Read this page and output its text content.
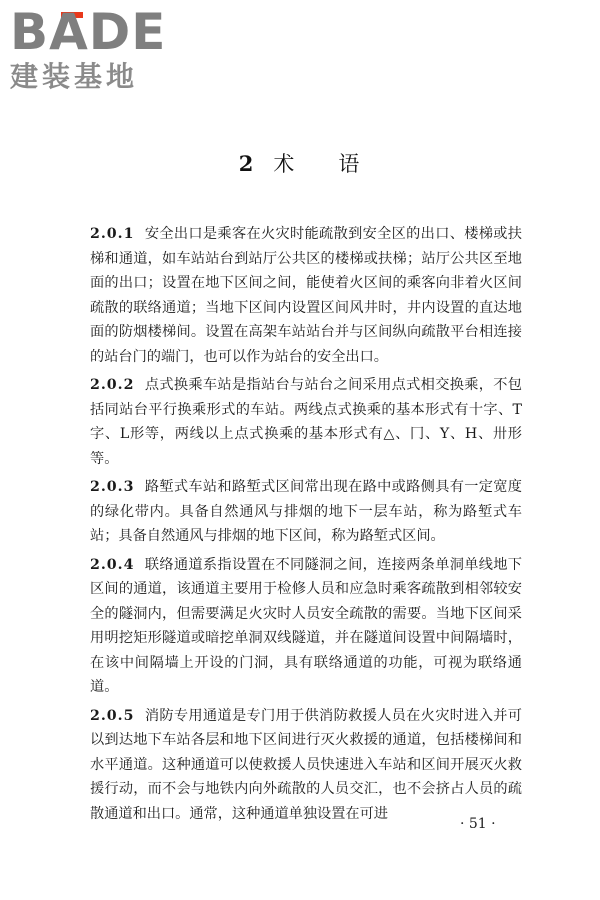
BADE
建装基地
2 术 语

2.0.1 安全出口是乘客在火灾时能疏散到安全区的出口、楼梯或扶梯和通道，如车站站台到站厅公共区的楼梯或扶梯；站厅公共区至地面的出口；设置在地下区间之间，能使着火区间的乘客向非着火区间疏散的联络通道；当地下区间内设置区间风井时，井内设置的直达地面的防烟楼梯间。设置在高架车站站台并与区间纵向疏散平台相连接的站台门的端门，也可以作为站台的安全出口。

2.0.2 点式换乘车站是指站台与站台之间采用点式相交换乘，不包括同站台平行换乘形式的车站。两线点式换乘的基本形式有十字、T字、L形等，两线以上点式换乘的基本形式有△、冂、Y、H、卅形等。

2.0.3 路堑式车站和路堑式区间常出现在路中或路侧具有一定宽度的绿化带内。具备自然通风与排烟的地下一层车站，称为路堑式车站；具备自然通风与排烟的地下区间，称为路堑式区间。

2.0.4 联络通道系指设置在不同隧洞之间，连接两条单洞单线地下区间的通道，该通道主要用于检修人员和应急时乘客疏散到相邻较安全的隧洞内，但需要满足火灾时人员安全疏散的需要。当地下区间采用明挖矩形隧道或暗挖单洞双线隧道，并在隧道间设置中间隔墙时，在该中间隔墙上开设的门洞，具有联络通道的功能，可视为联络通道。

2.0.5 消防专用通道是专门用于供消防救援人员在火灾时进入并可以到达地下车站各层和地下区间进行灭火救援的通道，包括楼梯间和水平通道。这种通道可以使救援人员快速进入车站和区间开展灭火救援行动，而不会与地铁内向外疏散的人员交汇，也不会挤占人员的疏散通道和出口。通常，这种通道单独设置在可进

· 51 ·
